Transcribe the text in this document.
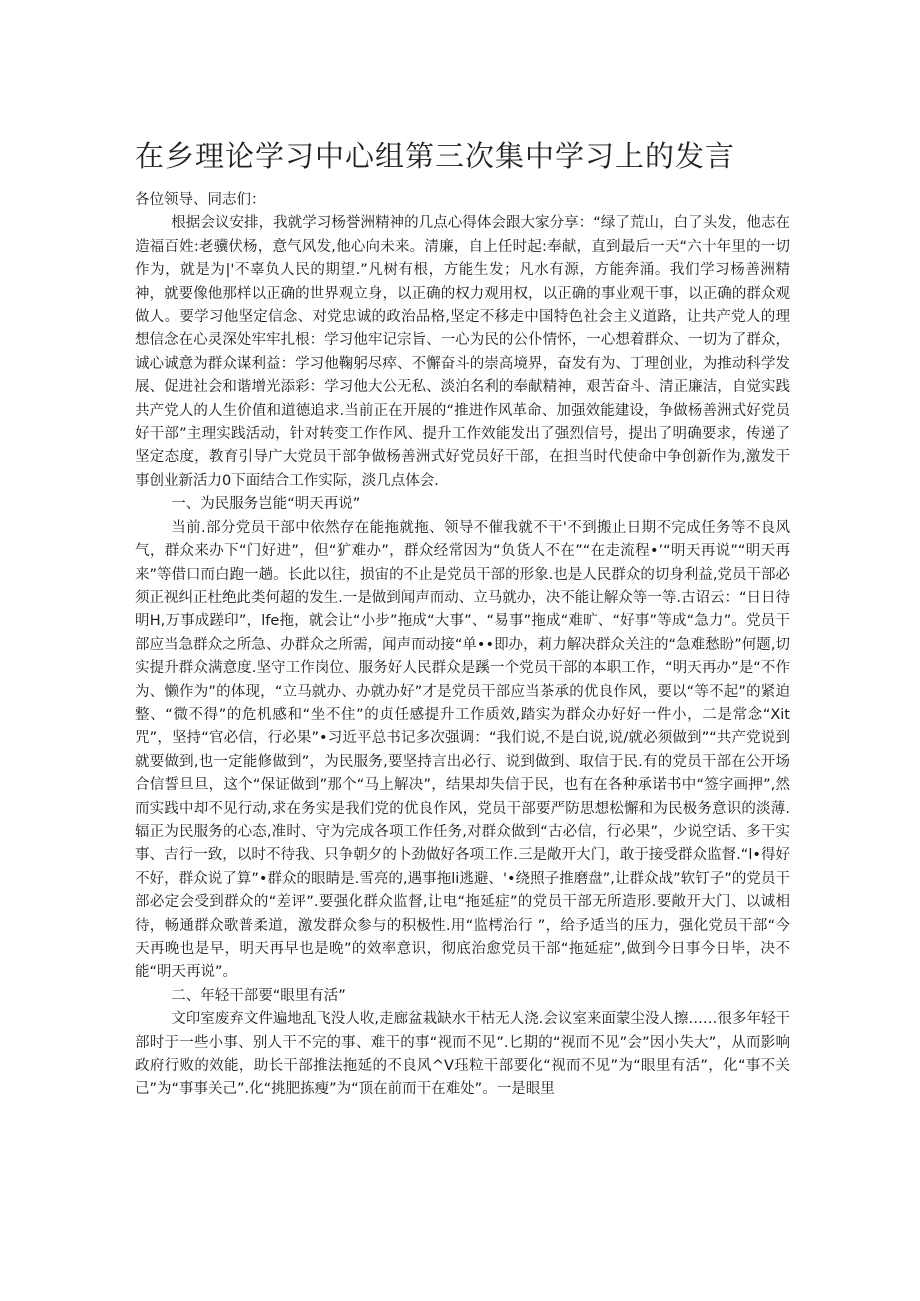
在乡理论学习中心组第三次集中学习上的发言

各位领导、同志们：

根据会议安排，我就学习杨誉洲精神的几点心得体会跟大家分享：“绿了荒山，白了头发，他志在造福百姓:老骥伏杨，意气风发,他心向未来。清廉，自上任时起:奉献，直到最后一天“六十年里的一切作为，就是为|'不辜负人民的期望.”凡树有根，方能生发；凡水有源，方能奔涌。我们学习杨善洲精神，就要像他那样以正确的世界观立身，以正确的权力观用权，以正确的事业观干事，以正确的群众观做人。要学习他坚定信念、对党忠诚的政治品格,坚定不移走中国特色社会主义道路，让共产党人的理想信念在心灵深处牢牢扎根：学习他牢记宗旨、一心为民的公仆情怀，一心想着群众、一切为了群众，诚心诚意为群众谋利益：学习他鞠躬尽瘁、不懈奋斗的崇高境界，奋发有为、丁理创业，为推动科学发展、促进社会和谐增光添彩：学习他大公无私、淡泊名利的奉献精神，艰苦奋斗、清正廉洁，自觉实践共产党人的人生价值和道德追求.当前正在开展的“推进作风革命、加强效能建设，争做杨善洲式好党员好干部”主理实践活动，针对转变工作作风、提升工作效能发出了强烈信号，提出了明确要求，传递了坚定态度，教育引导广大党员干部争做杨善洲式好党员好干部，在担当时代使命中争创新作为,激发干事创业新活力0下面结合工作实际，淡几点体会.

一、为民服务岂能“明天再说”

当前.部分党员干部中依然存在能拖就拖、领导不催我就不干'不到搬止日期不完成任务等不良风气，群众来办下“门好进”，但“犷难办”，群众经常因为“负货人不在”“在走流程•’“明天再说”“明天再来”等借口而白跑一趟。长此以往，损宙的不止是党员干部的形象.也是人民群众的切身利益,党员干部必须正视纠正杜绝此类何超的发生.一是做到闻声而动、立马就办，决不能让解众等一等.古诏云：“日日待明H,万事成蹉印”，lfe拖，就会让“小步”拖成“大事”、“易事”拖成“难旷、“好事”等成“急力”。党员干部应当急群众之所急、办群众之所需，闻声而动接“单••即办，莉力解决群众关注的“急难愁盼”何题,切实提升群众满意度.坚守工作岗位、服务好人民群众是蹊一个党员干部的本职工作，“明天再办”是“不作为、懒作为”的体现，“立马就办、办就办好”才是党员干部应当茶承的优良作风，要以“等不起”的紧迫整、“微不得”的危机感和“坐不住”的贞任感提升工作质效,踏实为群众办好好一件小，二是常念“Xit咒”，坚持“官必信，行必果”•习近平总书记多次强调：“我们说,不是白说,说/就必须做到”“共产党说到就要做到,也一定能修做到”，为民服务,要坚持言出必行、说到做到、取信于民.有的党员干部在公开场合信誓旦旦，这个“保证做到”那个“马上解决”，结果却失信于民，也有在各种承诺书中“签字画押”,然而实践中却不见行动,求在务实是我们党的优良作风，党员干部要严防思想松懈和为民极务意识的淡薄.辐正为民服务的心态,准时、守为完成各项工作任务,对群众做到“古必信，行必果”，少说空话、多干实事、吉行一致，以时不待我、只争朝夕的卜劲做好各项工作.三是敞开大门，敢于接受群众监督.“l•得好不好，群众说了算”•群众的眼睛是.雪亮的,遇事拖li逃避、'•绕照子推磨盘”,让群众战”软钉子”的党员干部必定会受到群众的“差评”.要强化群众监督,让电“拖延症”的党员干部无所造形.要敞开大门、以诚相待，畅通群众歌普柔道，激发群众参与的积极性.用“监樗治行 ”，给予适当的压力，强化党员干部“今天再晚也是早，明天再早也是晚”的效率意识，彻底治愈党员干部“拖延症”,做到今日事今日毕，决不能“明天再说”。

二、年轻干部要“眼里有活”

文印室废弃文件遍地乱飞没人收,走廊盆栽缺水干枯无人浇.会议室来面蒙尘没人擦……很多年轻干部时于一些小事、别人干不完的事、难干的事“视而不见”.匕期的“视而不见”会”因小失大”，从而影响政府行败的效能，助长干部推法拖延的不良风^V珏粒干部要化“视而不见”为“眼里有活”，化“事不关己”为“事事关己”.化“挑肥拣瘦”为“顶在前而干在难处”。一是眼里
